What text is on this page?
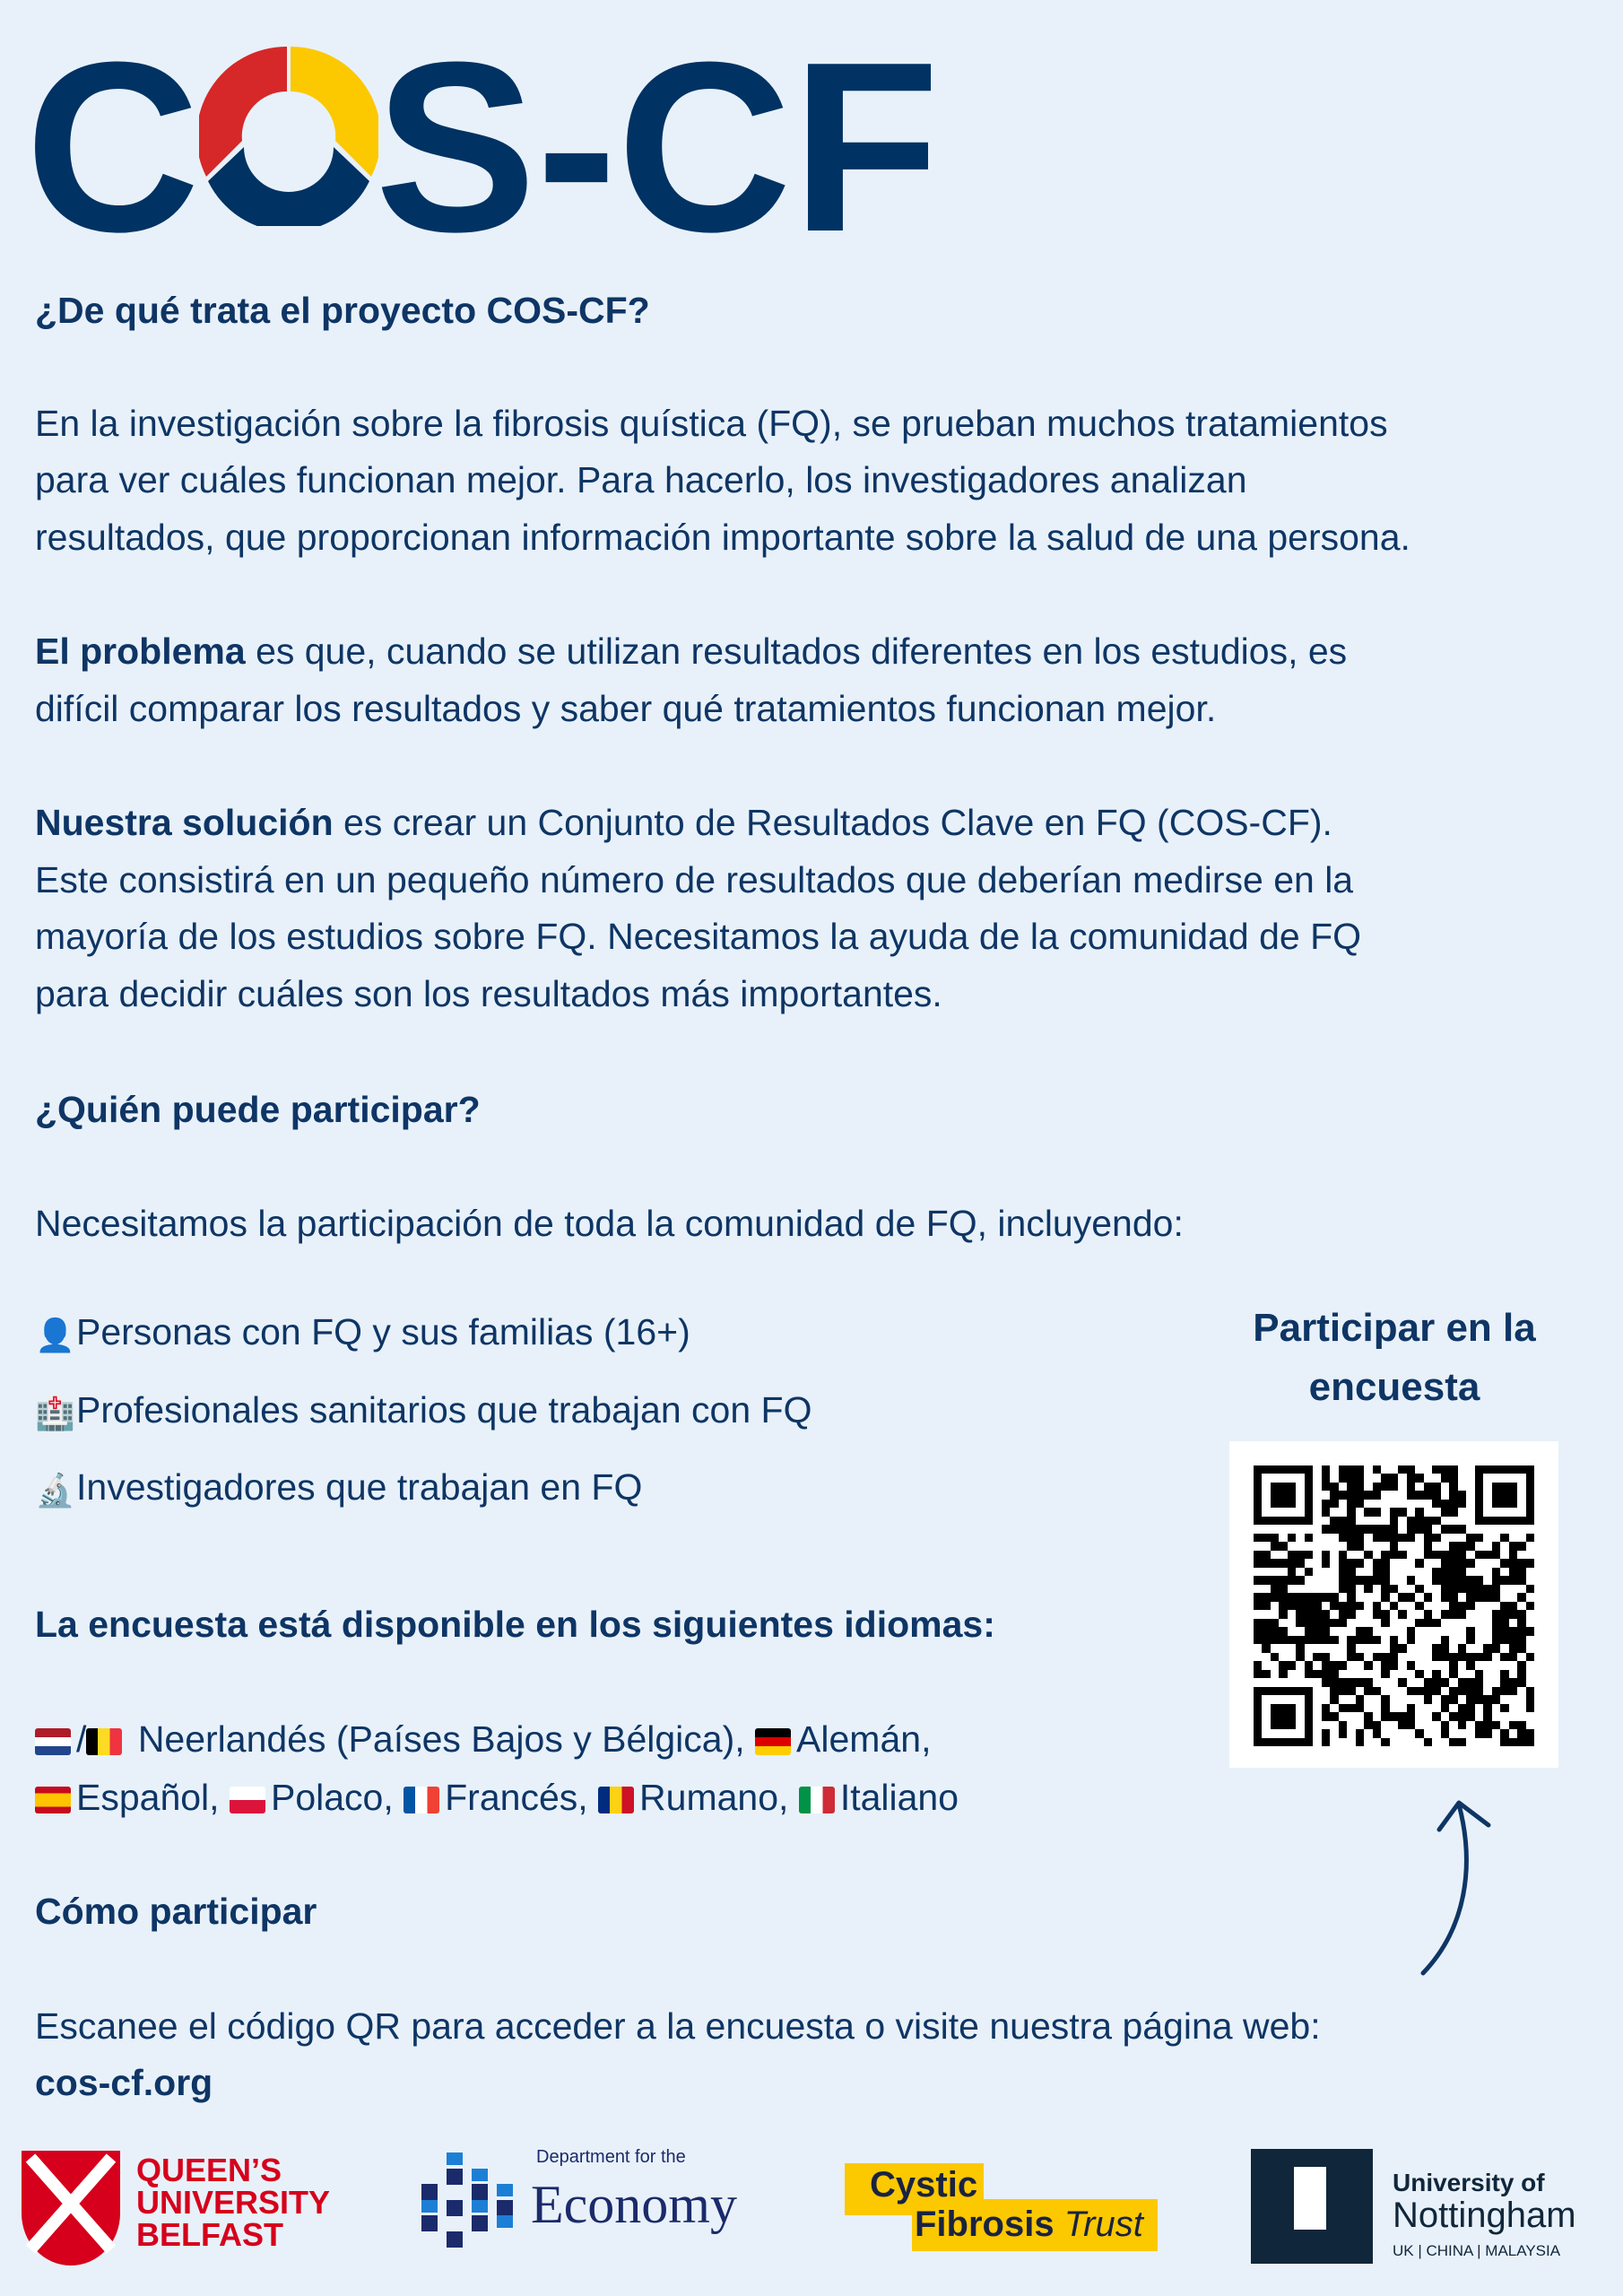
C S-CF
¿De qué trata el proyecto COS-CF?
En la investigación sobre la fibrosis quística (FQ), se prueban muchos tratamientos
para ver cuáles funcionan mejor. Para hacerlo, los investigadores analizan
resultados, que proporcionan información importante sobre la salud de una persona.
El problema es que, cuando se utilizan resultados diferentes en los estudios, es
difícil comparar los resultados y saber qué tratamientos funcionan mejor.
Nuestra solución es crear un Conjunto de Resultados Clave en FQ (COS-CF).
Este consistirá en un pequeño número de resultados que deberían medirse en la
mayoría de los estudios sobre FQ. Necesitamos la ayuda de la comunidad de FQ
para decidir cuáles son los resultados más importantes.
¿Quién puede participar?
Necesitamos la participación de toda la comunidad de FQ, incluyendo:
👤Personas con FQ y sus familias (16+)
🏥Profesionales sanitarios que trabajan con FQ
🔬Investigadores que trabajan en FQ
La encuesta está disponible en los siguientes idiomas:
/ Neerlandés (Países Bajos y Bélgica), Alemán,
Español, Polaco, Francés, Rumano, Italiano
Cómo participar
Escanee el código QR para acceder a la encuesta o visite nuestra página web:
cos-cf.org
Participar en la
encuesta
QUEEN’S
UNIVERSITY
BELFAST
Department for the
Economy	Cystic
Fibrosis Trust
University of
Nottingham
UK | CHINA | MALAYSIA
